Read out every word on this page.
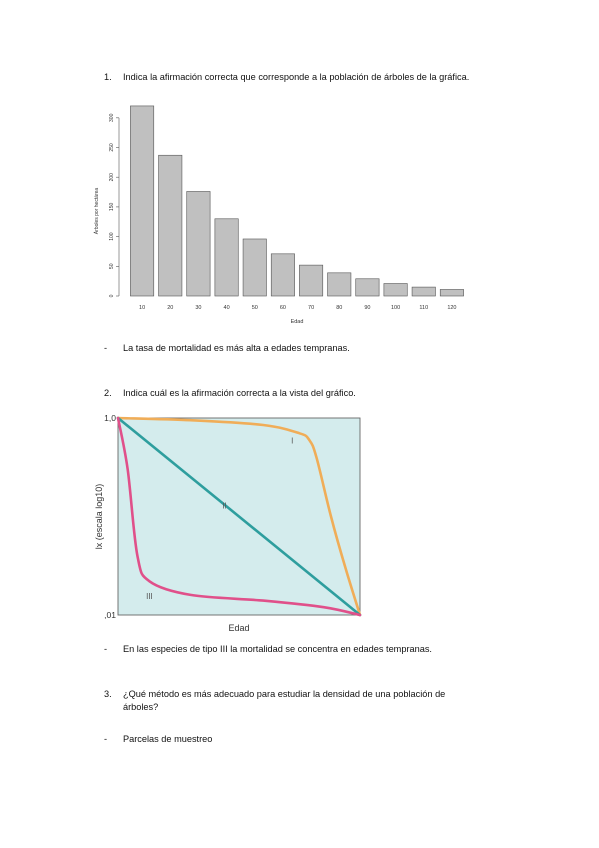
1. Indica la afirmación correcta que corresponde a la población de árboles de la gráfica.
10	20	30	40	50	60	70	80	90	100	110	120
0
50
100
150
200
250
300
Árboles por hectárea
Edad
- La tasa de mortalidad es más alta a edades tempranas.
2. Indica cuál es la afirmación correcta a la vista del gráfico.
I
II
III
1,0
,01
Edad
lx (escala log10)
- En las especies de tipo III la mortalidad se concentra en edades tempranas.
3. ¿Qué método es más adecuado para estudiar la densidad de una población de árboles?
- Parcelas de muestreo
